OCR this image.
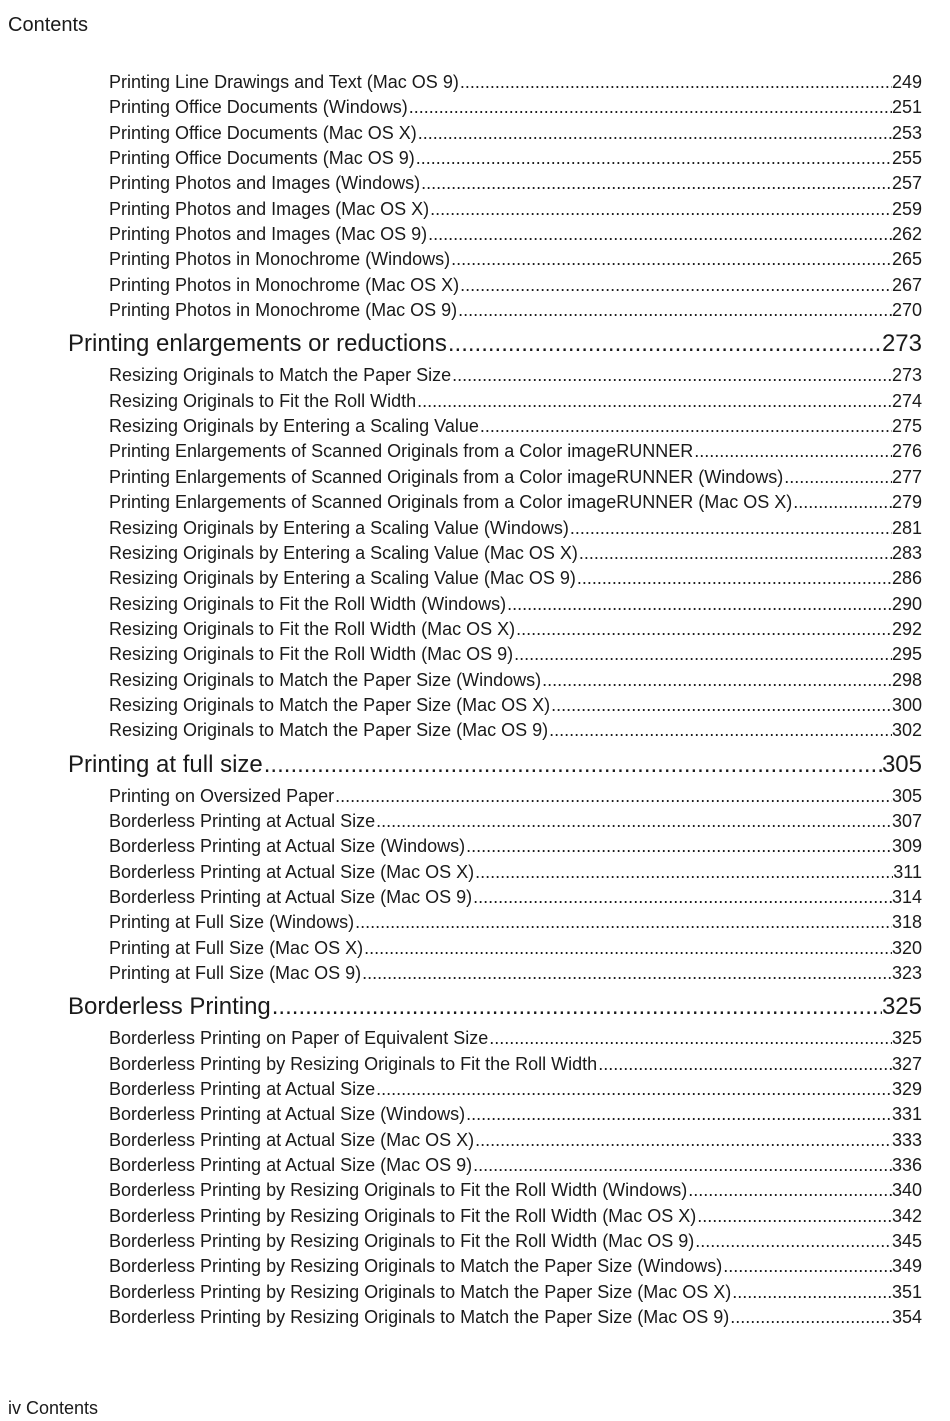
Contents
Printing Line Drawings and Text (Mac OS 9) .....	249
Printing Office Documents (Windows) .....	251
Printing Office Documents (Mac OS X) .....	253
Printing Office Documents (Mac OS 9) .....	255
Printing Photos and Images (Windows) .....	257
Printing Photos and Images (Mac OS X) .....	259
Printing Photos and Images (Mac OS 9) .....	262
Printing Photos in Monochrome (Windows) .....	265
Printing Photos in Monochrome (Mac OS X) .....	267
Printing Photos in Monochrome (Mac OS 9) .....	270
Printing enlargements or reductions .....	273
Resizing Originals to Match the Paper Size .....	273
Resizing Originals to Fit the Roll Width .....	274
Resizing Originals by Entering a Scaling Value .....	275
Printing Enlargements of Scanned Originals from a Color imageRUNNER .....	276
Printing Enlargements of Scanned Originals from a Color imageRUNNER (Windows) .....	277
Printing Enlargements of Scanned Originals from a Color imageRUNNER (Mac OS X) .....	279
Resizing Originals by Entering a Scaling Value (Windows) .....	281
Resizing Originals by Entering a Scaling Value (Mac OS X) .....	283
Resizing Originals by Entering a Scaling Value (Mac OS 9) .....	286
Resizing Originals to Fit the Roll Width (Windows) .....	290
Resizing Originals to Fit the Roll Width (Mac OS X) .....	292
Resizing Originals to Fit the Roll Width (Mac OS 9) .....	295
Resizing Originals to Match the Paper Size (Windows) .....	298
Resizing Originals to Match the Paper Size (Mac OS X) .....	300
Resizing Originals to Match the Paper Size (Mac OS 9) .....	302
Printing at full size .....	305
Printing on Oversized Paper .....	305
Borderless Printing at Actual Size .....	307
Borderless Printing at Actual Size (Windows) .....	309
Borderless Printing at Actual Size (Mac OS X) .....	311
Borderless Printing at Actual Size (Mac OS 9) .....	314
Printing at Full Size (Windows) .....	318
Printing at Full Size (Mac OS X) .....	320
Printing at Full Size (Mac OS 9) .....	323
Borderless Printing .....	325
Borderless Printing on Paper of Equivalent Size .....	325
Borderless Printing by Resizing Originals to Fit the Roll Width .....	327
Borderless Printing at Actual Size .....	329
Borderless Printing at Actual Size (Windows) .....	331
Borderless Printing at Actual Size (Mac OS X) .....	333
Borderless Printing at Actual Size (Mac OS 9) .....	336
Borderless Printing by Resizing Originals to Fit the Roll Width (Windows) .....	340
Borderless Printing by Resizing Originals to Fit the Roll Width (Mac OS X) .....	342
Borderless Printing by Resizing Originals to Fit the Roll Width (Mac OS 9) .....	345
Borderless Printing by Resizing Originals to Match the Paper Size (Windows) .....	349
Borderless Printing by Resizing Originals to Match the Paper Size (Mac OS X) .....	351
Borderless Printing by Resizing Originals to Match the Paper Size (Mac OS 9) .....	354
iv Contents
